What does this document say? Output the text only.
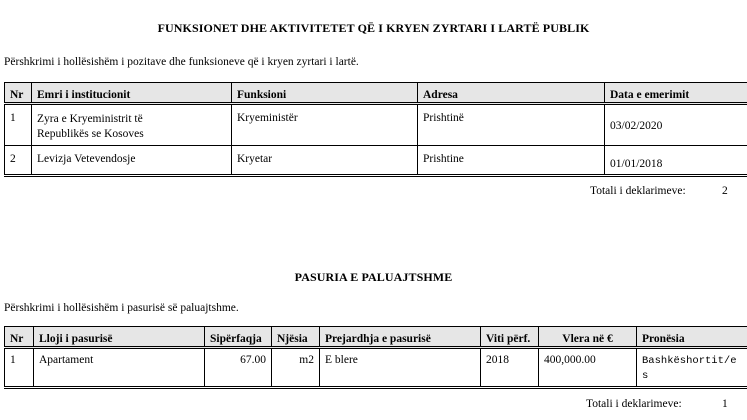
FUNKSIONET DHE AKTIVITETET QË I KRYEN ZYRTARI I LARTË PUBLIK
Përshkrimi i hollësishëm i pozitave dhe funksioneve që i kryen zyrtari i lartë.
Nr	Emri i institucionit	Funksioni	Adresa	Data e emerimit
1	Zyra e Kryeministrit të
Republikës se Kosoves	Kryeministër	Prishtinë	03/02/2020
2	Levizja Vetevendosje	Kryetar	Prishtine	01/01/2018
Totali i deklarimeve:	2
PASURIA E PALUAJTSHME
Përshkrimi i hollësishëm i pasurisë së paluajtshme.
Nr	Lloji i pasurisë	Sipërfaqja	Njësia	Prejardhja e pasurisë	Viti përf.	Vlera në €	Pronësia
1	Apartament	67.00	m2	E blere	2018	400,000.00	Bashkëshortit/e
s
Totali i deklarimeve:	1
